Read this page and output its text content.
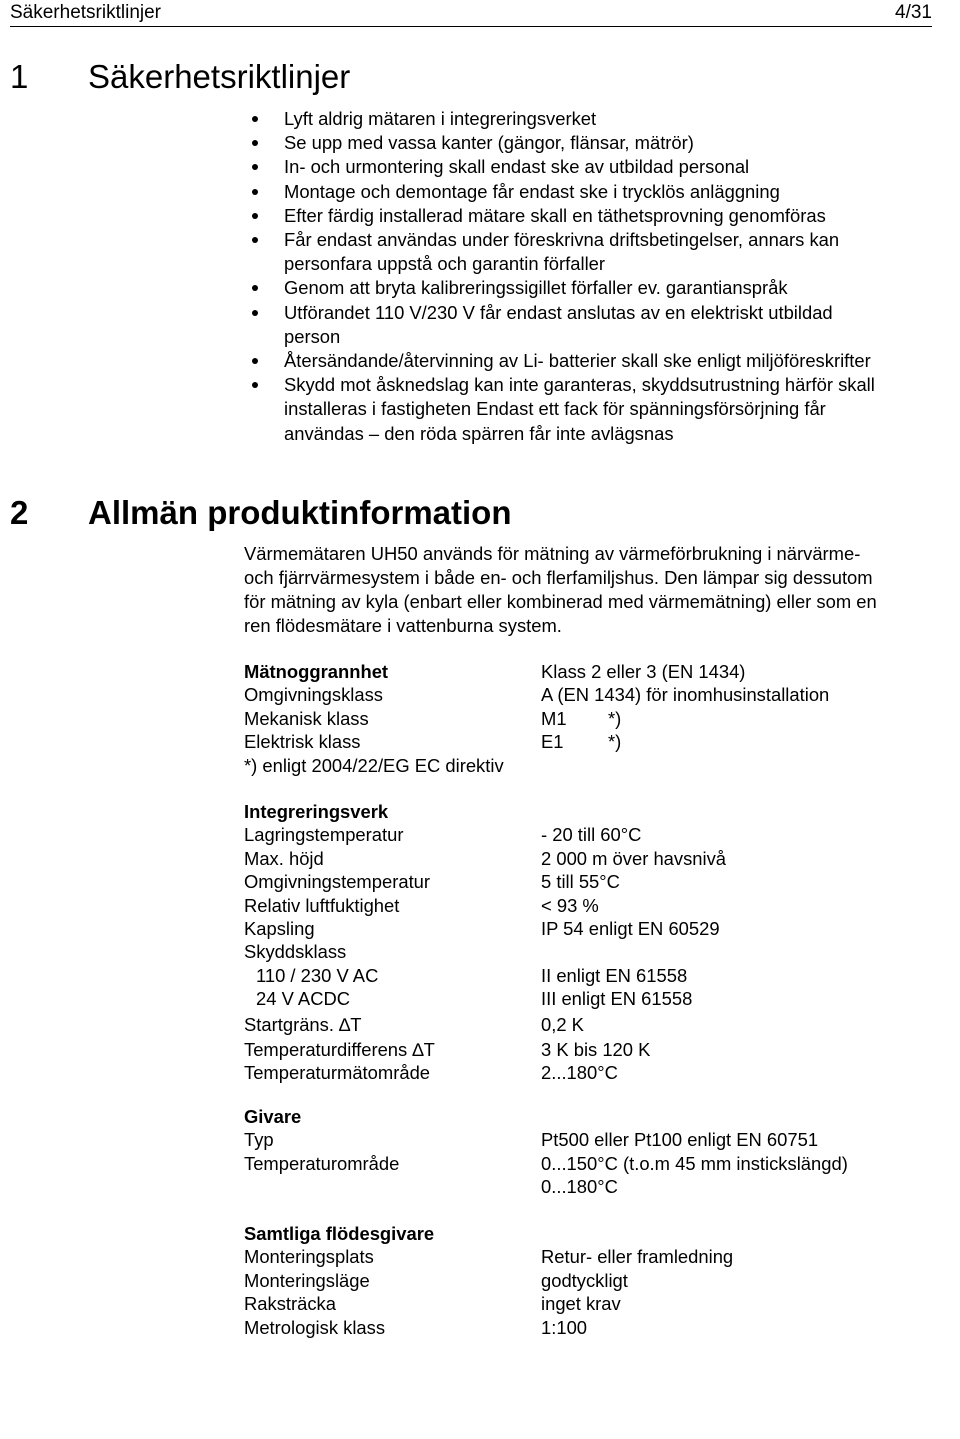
Säkerhetsriktlinjer	4/31
1 Säkerhetsriktlinjer
Lyft aldrig mätaren i integreringsverket
Se upp med vassa kanter (gängor, flänsar, mätrör)
In- och urmontering skall endast ske av utbildad personal
Montage och demontage får endast ske i trycklös anläggning
Efter färdig installerad mätare skall en täthetsprovning genomföras
Får endast användas under föreskrivna driftsbetingelser, annars kan
personfara uppstå och garantin förfaller
Genom att bryta kalibreringssigillet förfaller ev. garantianspråk
Utförandet 110 V/230 V får endast anslutas av en elektriskt utbildad
person
Återsändande/återvinning av Li- batterier skall ske enligt miljöföreskrifter
Skydd mot åsknedslag kan inte garanteras, skyddsutrustning härför skall
installeras i fastigheten Endast ett fack för spänningsförsörjning får
användas – den röda spärren får inte avlägsnas
2 Allmän produktinformation
Värmemätaren UH50 används för mätning av värmeförbrukning i närvärme-
och fjärrvärmesystem i både en- och flerfamiljshus. Den lämpar sig dessutom
för mätning av kyla (enbart eller kombinerad med värmemätning) eller som en
ren flödesmätare i vattenburna system.
Mätnoggrannhet	Klass 2 eller 3 (EN 1434)
Omgivningsklass	A (EN 1434) för inomhusinstallation
Mekanisk klass	M1 *)
Elektrisk klass	E1 *)
*) enligt 2004/22/EG EC direktiv
Integreringsverk
Lagringstemperatur	- 20 till 60°C
Max. höjd	2 000 m över havsnivå
Omgivningstemperatur	5 till 55°C
Relativ luftfuktighet	< 93 %
Kapsling	IP 54 enligt EN 60529
Skyddsklass
110 / 230 V AC	II enligt EN 61558
24 V ACDC	III enligt EN 61558
Startgräns. ∆T	0,2 K
Temperaturdifferens ∆T	3 K bis 120 K
Temperaturmätområde	2...180°C
Givare
Typ	Pt500 eller Pt100 enligt EN 60751
Temperaturområde	0...150°C (t.o.m 45 mm instickslängd)
0...180°C
Samtliga flödesgivare
Monteringsplats	Retur- eller framledning
Monteringsläge	godtyckligt
Raksträcka	inget krav
Metrologisk klass	1:100
